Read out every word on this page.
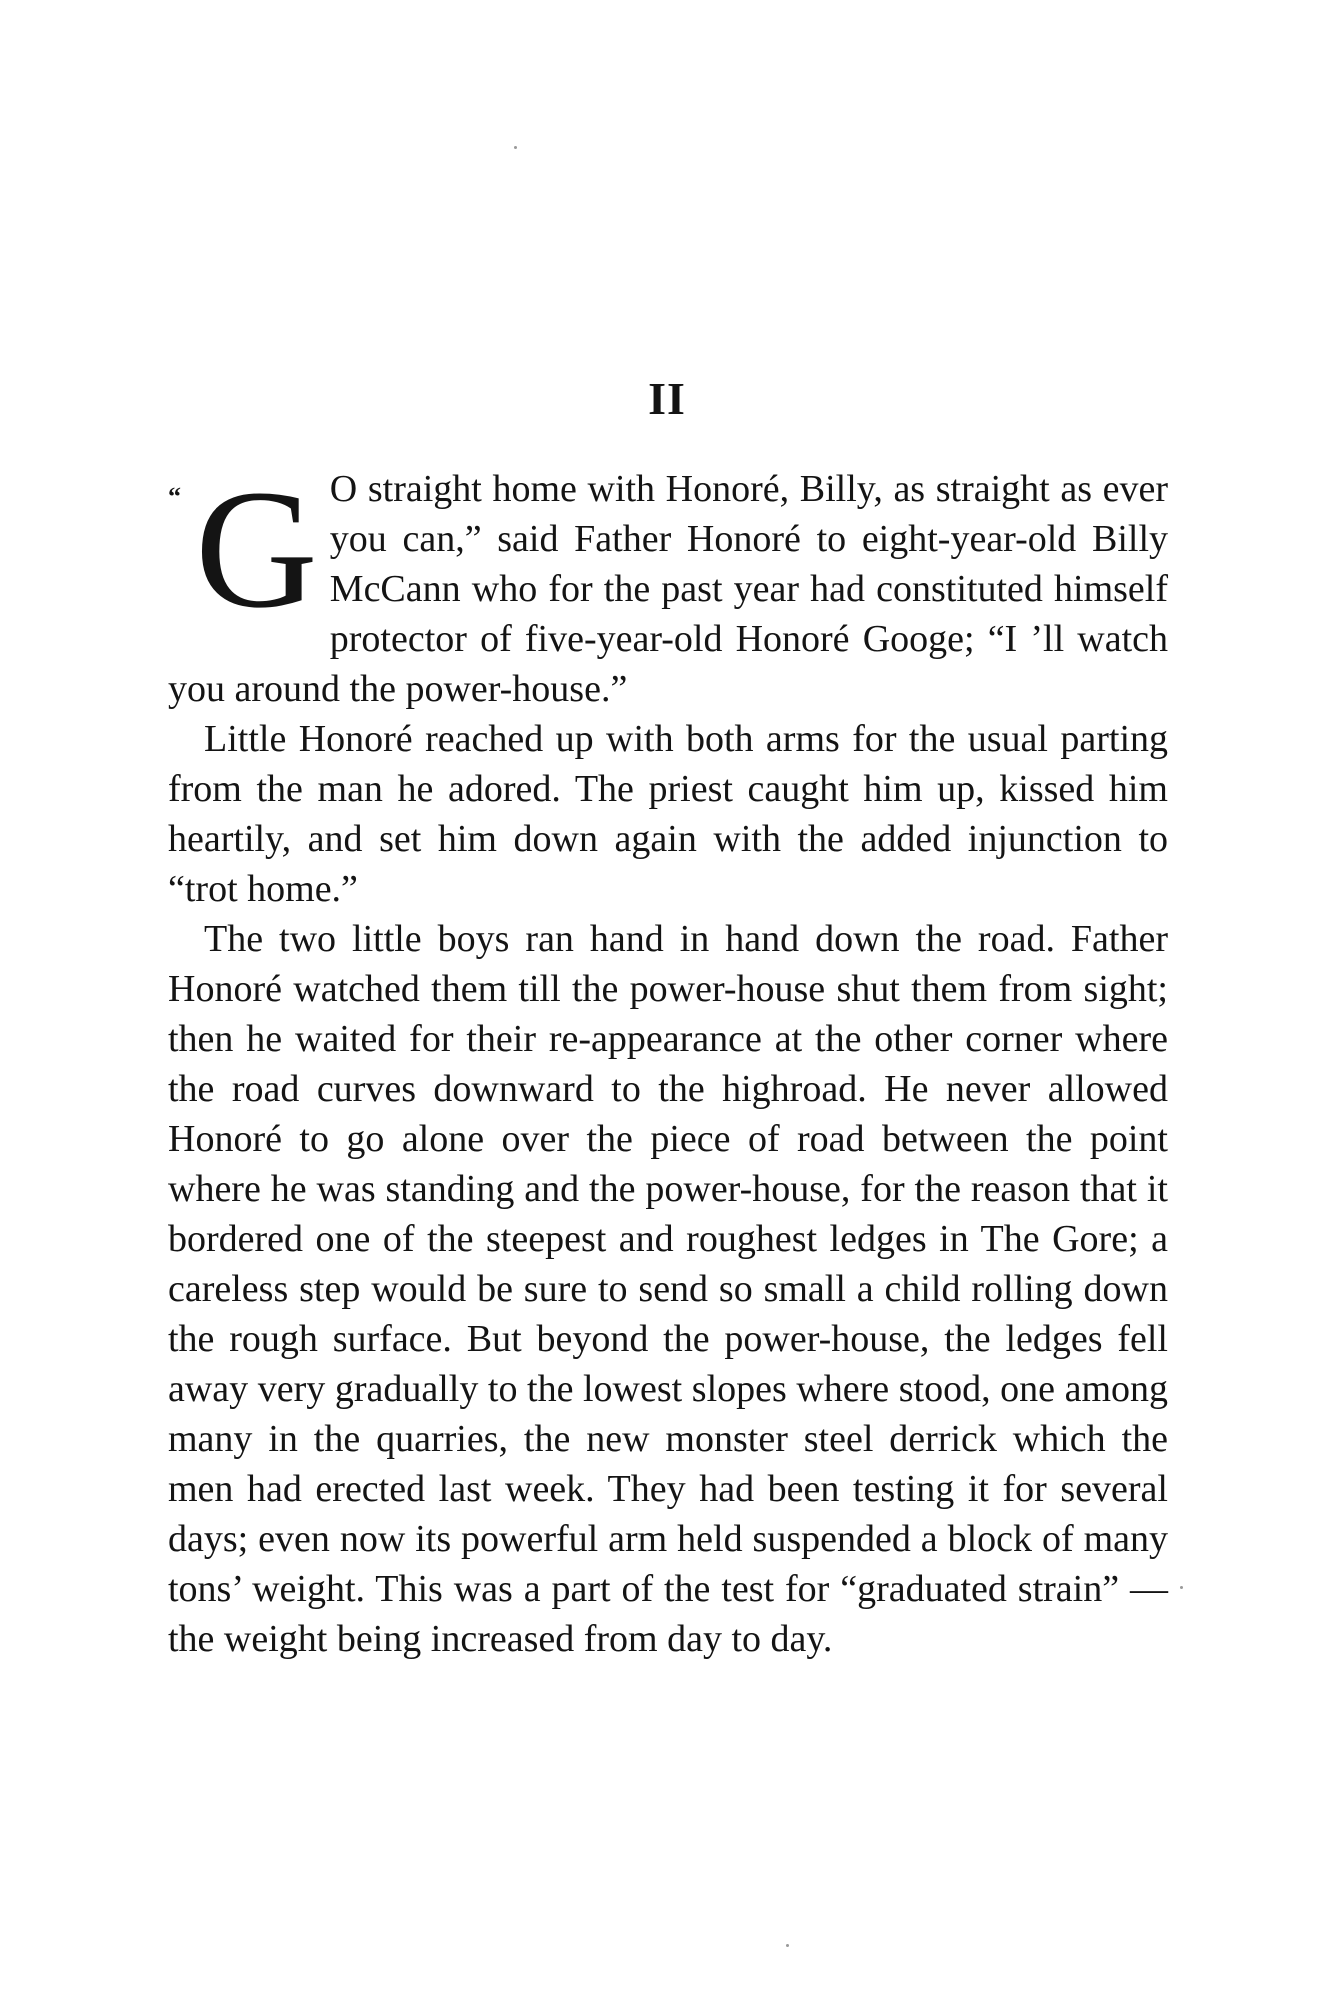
II

“ G O straight home with Honoré, Billy, as straight as ever you can,” said Father Honoré to eight-year-old Billy McCann who for the past year had constituted himself protector of five-year-old Honoré Googe; “I ’ll watch you around the power-house.”

Little Honoré reached up with both arms for the usual parting from the man he adored. The priest caught him up, kissed him heartily, and set him down again with the added injunction to “trot home.”

The two little boys ran hand in hand down the road. Father Honoré watched them till the power-house shut them from sight; then he waited for their re-appearance at the other corner where the road curves downward to the highroad. He never allowed Honoré to go alone over the piece of road between the point where he was standing and the power-house, for the reason that it bordered one of the steepest and roughest ledges in The Gore; a careless step would be sure to send so small a child rolling down the rough surface. But beyond the power-house, the ledges fell away very gradually to the lowest slopes where stood, one among many in the quarries, the new monster steel derrick which the men had erected last week. They had been testing it for several days; even now its powerful arm held suspended a block of many tons’ weight. This was a part of the test for “graduated strain” — the weight being increased from day to day.
